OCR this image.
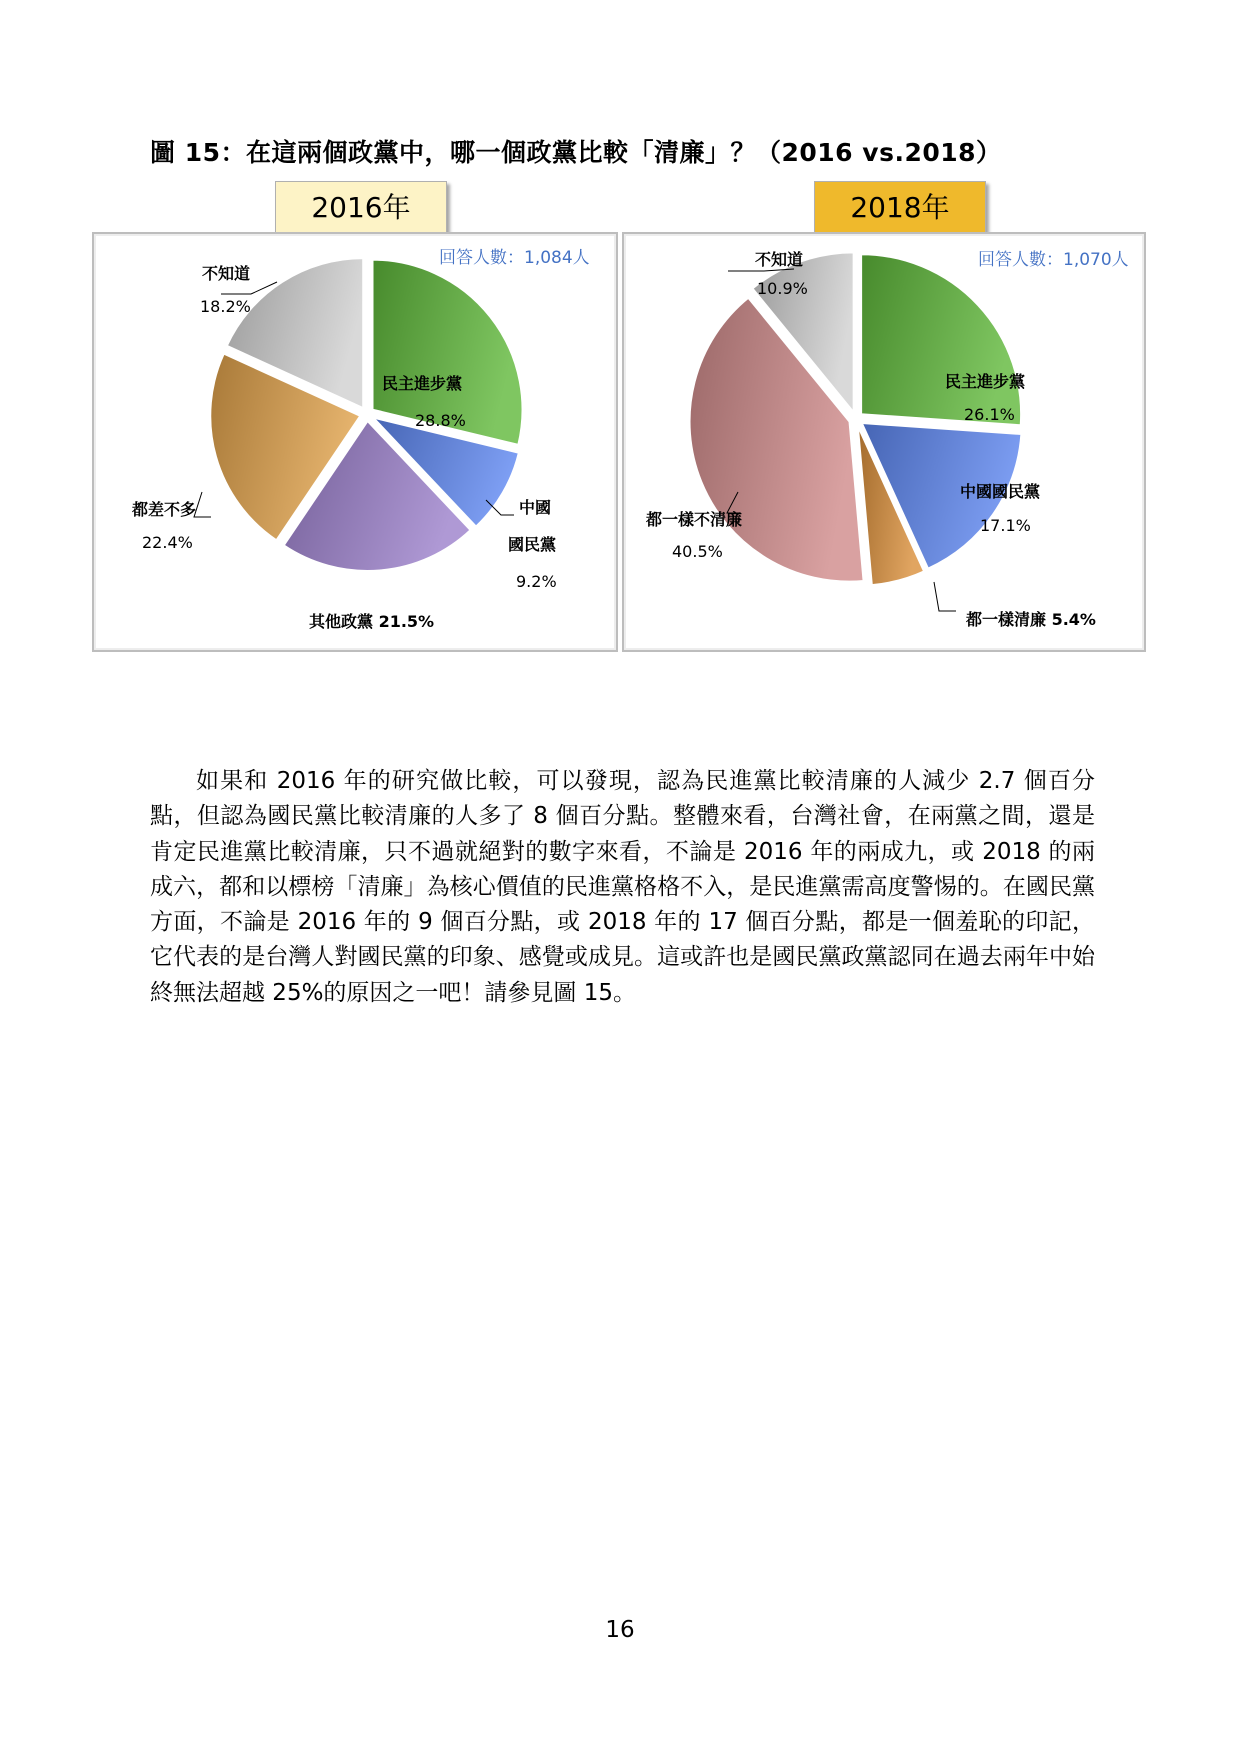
圖 15：在這兩個政黨中，哪一個政黨比較「清廉」？（2016 vs.2018）
2016年	2018年
回答人數：1,084人
民主進步黨
28.8%
中國
國民黨
9.2%
其他政黨 21.5%
都差不多
22.4%
不知道
18.2%
回答人數：1,070人
民主進步黨
26.1%
中國國民黨
17.1%
都一樣清廉 5.4%
都一樣不清廉
40.5%
不知道
10.9%

如果和 2016 年的研究做比較，可以發現，認為民進黨比較清廉的人減少 2.7 個百分點，但認為國民黨比較清廉的人多了 8 個百分點。整體來看，台灣社會，在兩黨之間，還是肯定民進黨比較清廉，只不過就絕對的數字來看，不論是 2016 年的兩成九，或 2018 的兩成六，都和以標榜「清廉」為核心價值的民進黨格格不入，是民進黨需高度警惕的。在國民黨方面，不論是 2016 年的 9 個百分點，或 2018 年的 17 個百分點，都是一個羞恥的印記，它代表的是台灣人對國民黨的印象、感覺或成見。這或許也是國民黨政黨認同在過去兩年中始終無法超越 25%的原因之一吧！請參見圖 15。

16
